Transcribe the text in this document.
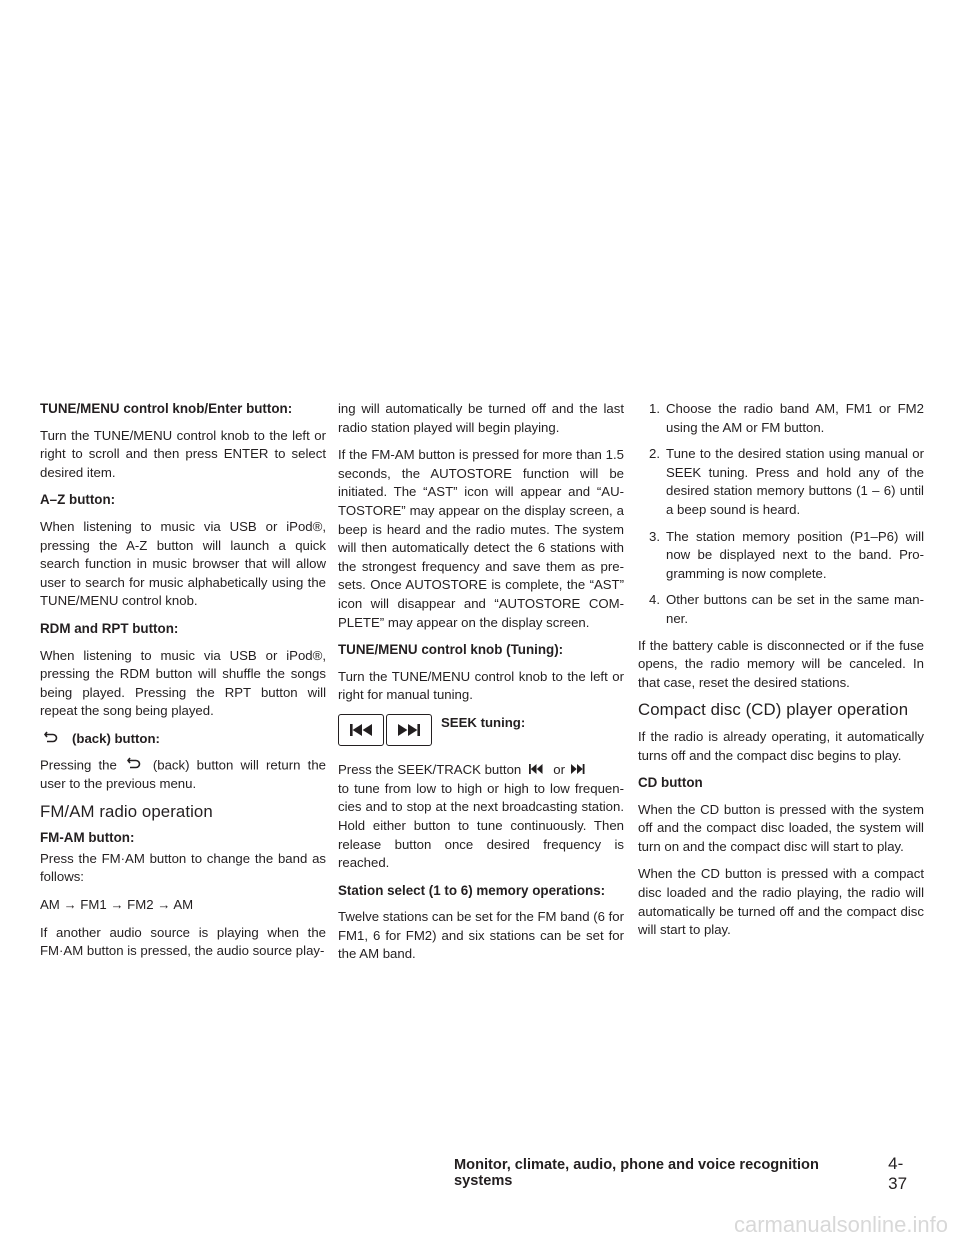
TUNE/MENU control knob/Enter button:

Turn the TUNE/MENU control knob to the left or right to scroll and then press ENTER to select desired item.

A–Z button:

When listening to music via USB or iPod®, pressing the A-Z button will launch a quick search function in music browser that will allow user to search for music alphabetically using the TUNE/MENU control knob.

RDM and RPT button:

When listening to music via USB or iPod®, pressing the RDM button will shuffle the songs being played. Pressing the RPT button will repeat the song being played.

(back) button:

Pressing the	(back) button will return the user to the previous menu.

FM/AM radio operation
FM-AM button:

Press the FM·AM button to change the band as follows:

AM → FM1 → FM2 → AM

If another audio source is playing when the FM·AM button is pressed, the audio source play-

ing will automatically be turned off and the last radio station played will begin playing.

If the FM-AM button is pressed for more than 1.5 seconds, the AUTOSTORE function will be initiated. The “AST” icon will appear and “AU-TOSTORE” may appear on the display screen, a beep is heard and the radio mutes. The system will then automatically detect the 6 stations with the strongest frequency and save them as pre-sets. Once AUTOSTORE is complete, the “AST” icon will disappear and “AUTOSTORE COM-PLETE” may appear on the display screen.

TUNE/MENU control knob (Tuning):

Turn the TUNE/MENU control knob to the left or right for manual tuning.

SEEK tuning:

Press the SEEK/TRACK button or
to tune from low to high or high to low frequen-cies and to stop at the next broadcasting station. Hold either button to tune continuously. Then release button once desired frequency is reached.

Station select (1 to 6) memory operations:

Twelve stations can be set for the FM band (6 for FM1, 6 for FM2) and six stations can be set for the AM band.

1. Choose the radio band AM, FM1 or FM2 using the AM or FM button.
2. Tune to the desired station using manual or SEEK tuning. Press and hold any of the desired station memory buttons (1 – 6) until a beep sound is heard.
3. The station memory position (P1–P6) will now be displayed next to the band. Pro-gramming is now complete.
4. Other buttons can be set in the same man-ner.

If the battery cable is disconnected or if the fuse opens, the radio memory will be canceled. In that case, reset the desired stations.

Compact disc (CD) player operation

If the radio is already operating, it automatically turns off and the compact disc begins to play.

CD button

When the CD button is pressed with the system off and the compact disc loaded, the system will turn on and the compact disc will start to play.

When the CD button is pressed with a compact disc loaded and the radio playing, the radio will automatically be turned off and the compact disc will start to play.

Monitor, climate, audio, phone and voice recognition systems
4-37
carmanualsonline.info
